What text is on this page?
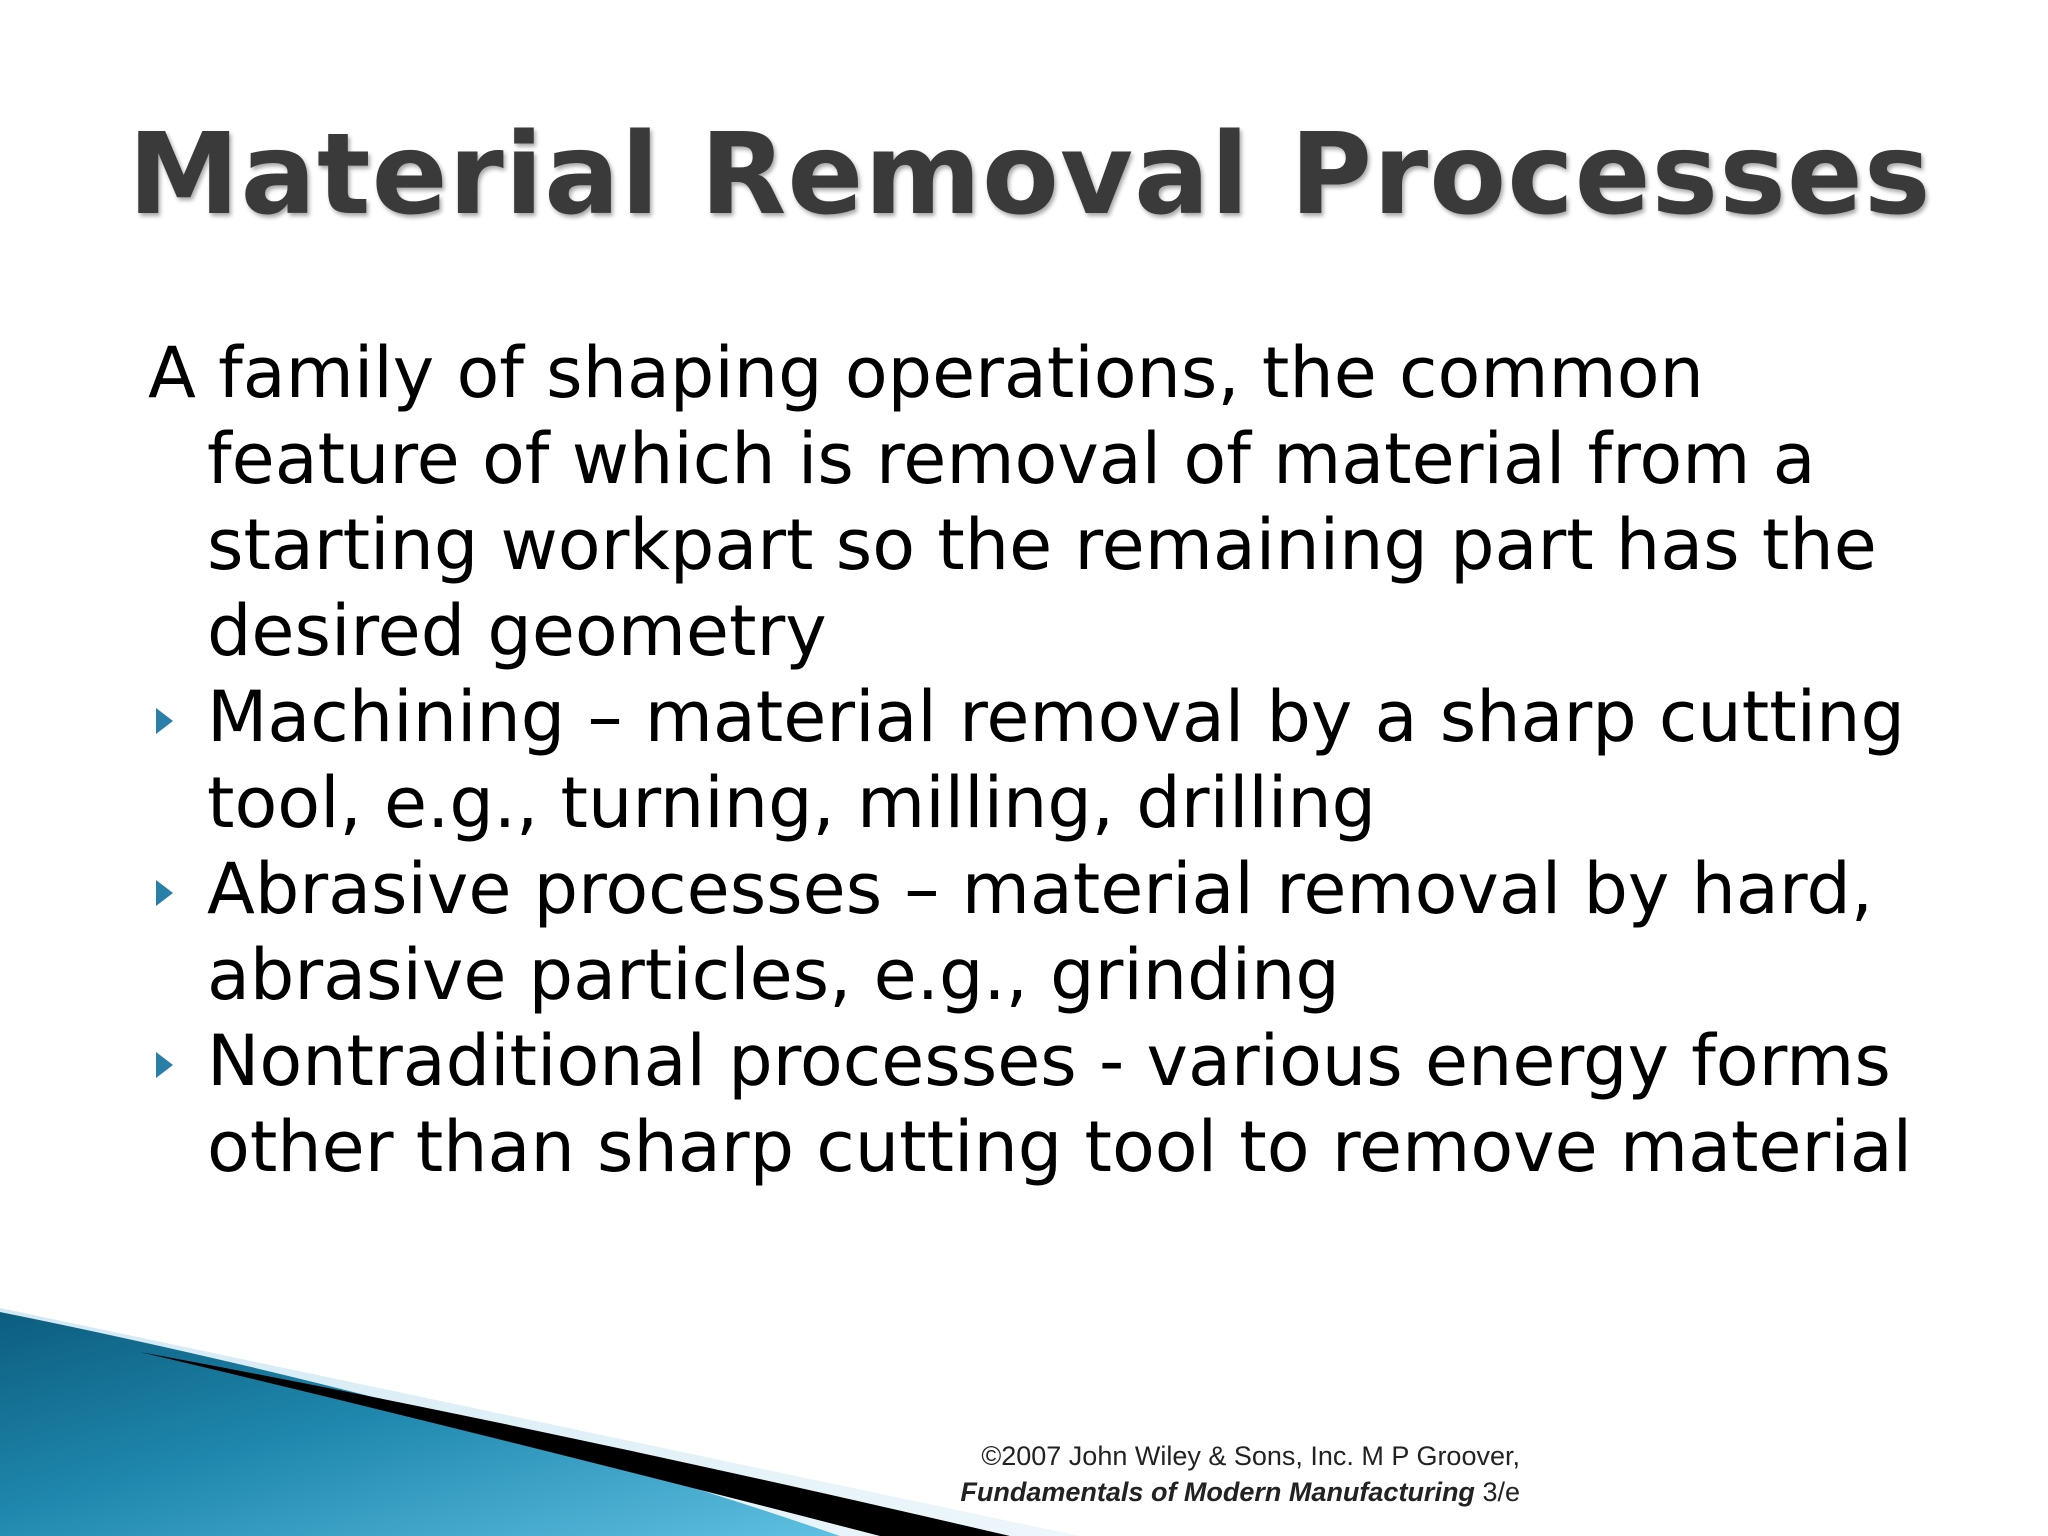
Material Removal Processes

A family of shaping operations, the common feature of which is removal of material from a starting workpart so the remaining part has the desired geometry

Machining – material removal by a sharp cutting tool, e.g., turning, milling, drilling
Abrasive processes – material removal by hard, abrasive particles, e.g., grinding
Nontraditional processes - various energy forms other than sharp cutting tool to remove material
©2007 John Wiley & Sons, Inc. M P Groover,
Fundamentals of Modern Manufacturing 3/e
